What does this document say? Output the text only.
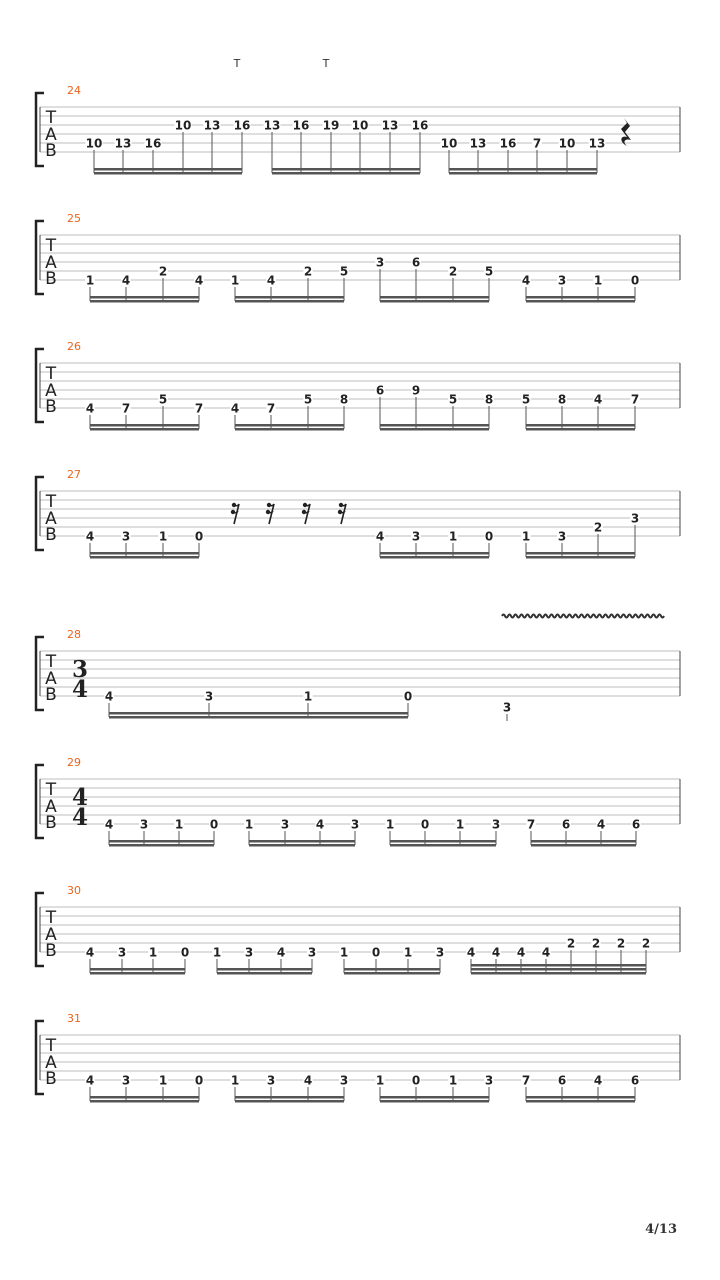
T
A
B
24
10 13 16
10 13 16 13 16 19 10 13 16
10 13 16 7 10 13
T
A
B
25
1 4
2
4 1 4
2 5
3 6
2 5
4 3 1 0
T
A
B
26
4 7
5
7 4 7
5 8
6 9
5 8 5 8 4 7
T
A
B
27
4 3 1 0	4 3 1 0 1 3
2
3
T
A
B
28
3
4 4	3	1	0
3
T
A
B
29
4
4 4 3 1 0 1 3 4 3 1 0 1 3 7 6 4 6
T
A
B
30
4 3 1 0 1 3 4 3 1 0 1 3 4 4 4 4
2 2 2 2
T
A
B
31
4 3 1 0 1 3 4 3 1 0 1 3 7 6 4 6
T	T
4/13
